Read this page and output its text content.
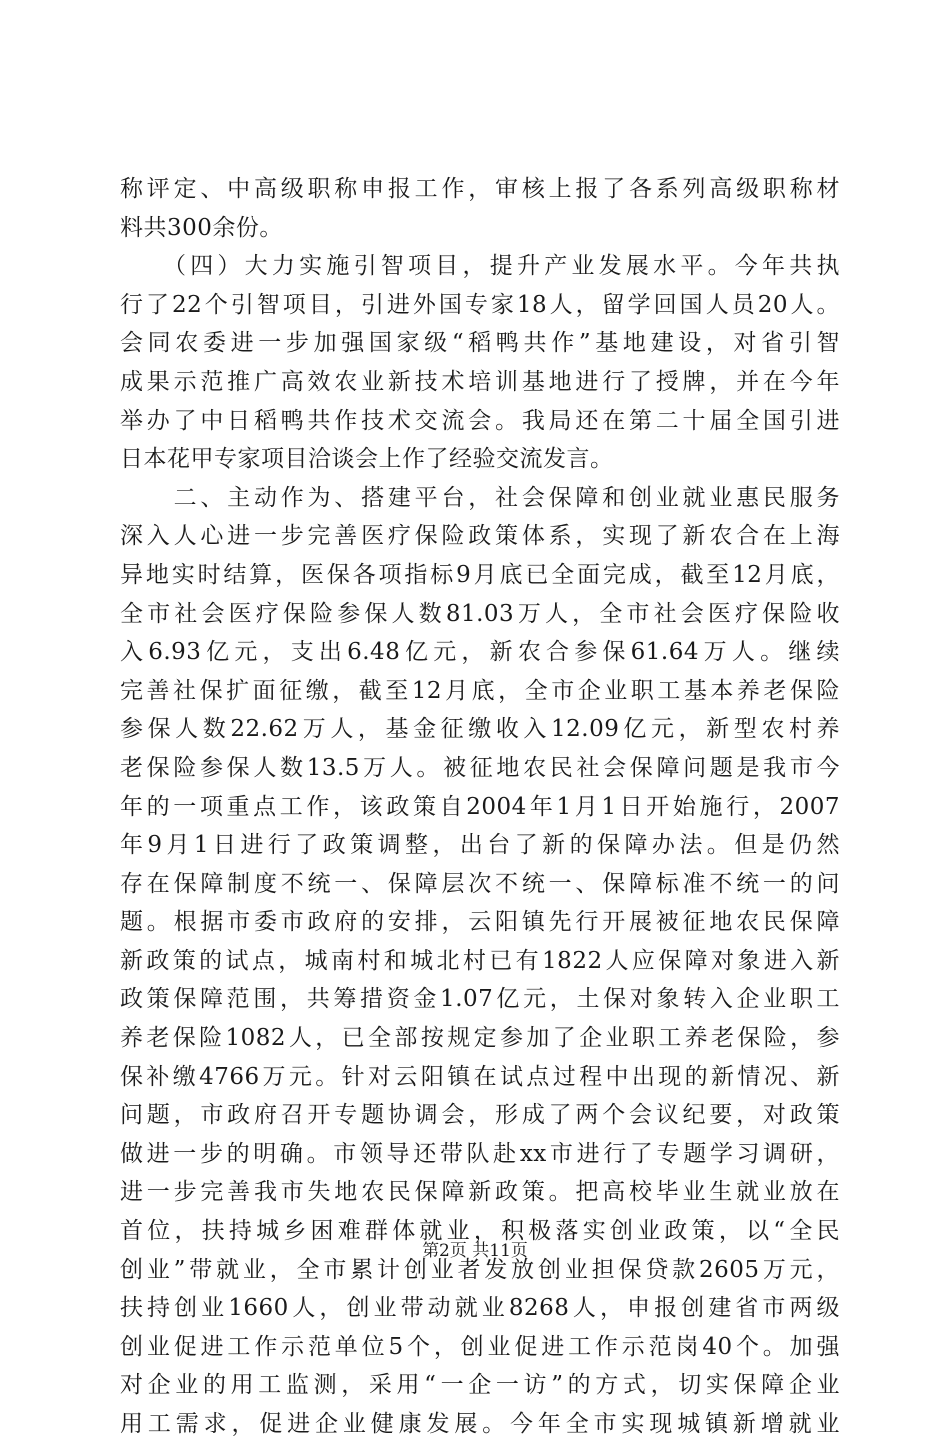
称评定、中高级职称申报工作，审核上报了各系列高级职称材
料共300余份。
　　（四）大力实施引智项目，提升产业发展水平。今年共执
行了22个引智项目，引进外国专家18人，留学回国人员20人。
会同农委进一步加强国家级“稻鸭共作”基地建设，对省引智
成果示范推广高效农业新技术培训基地进行了授牌，并在今年
举办了中日稻鸭共作技术交流会。我局还在第二十届全国引进
日本花甲专家项目洽谈会上作了经验交流发言。
　　二、主动作为、搭建平台，社会保障和创业就业惠民服务
深入人心进一步完善医疗保险政策体系，实现了新农合在上海
异地实时结算，医保各项指标9月底已全面完成，截至12月底，
全市社会医疗保险参保人数81.03万人，全市社会医疗保险收
入6.93亿元，支出6.48亿元，新农合参保61.64万人。继续
完善社保扩面征缴，截至12月底，全市企业职工基本养老保险
参保人数22.62万人，基金征缴收入12.09亿元，新型农村养
老保险参保人数13.5万人。被征地农民社会保障问题是我市今
年的一项重点工作，该政策自2004年1月1日开始施行，2007
年9月1日进行了政策调整，出台了新的保障办法。但是仍然
存在保障制度不统一、保障层次不统一、保障标准不统一的问
题。根据市委市政府的安排，云阳镇先行开展被征地农民保障
新政策的试点，城南村和城北村已有1822人应保障对象进入新
政策保障范围，共筹措资金1.07亿元，土保对象转入企业职工
养老保险1082人，已全部按规定参加了企业职工养老保险，参
保补缴4766万元。针对云阳镇在试点过程中出现的新情况、新
问题，市政府召开专题协调会，形成了两个会议纪要，对政策
做进一步的明确。市领导还带队赴xx市进行了专题学习调研，
进一步完善我市失地农民保障新政策。把高校毕业生就业放在
首位，扶持城乡困难群体就业，积极落实创业政策，以“全民
创业”带就业，全市累计创业者发放创业担保贷款2605万元，
扶持创业1660人，创业带动就业8268人，申报创建省市两级
创业促进工作示范单位5个，创业促进工作示范岗40个。加强
对企业的用工监测，采用“一企一访”的方式，切实保障企业
用工需求，促进企业健康发展。今年全市实现城镇新增就业
第2页 共11页
